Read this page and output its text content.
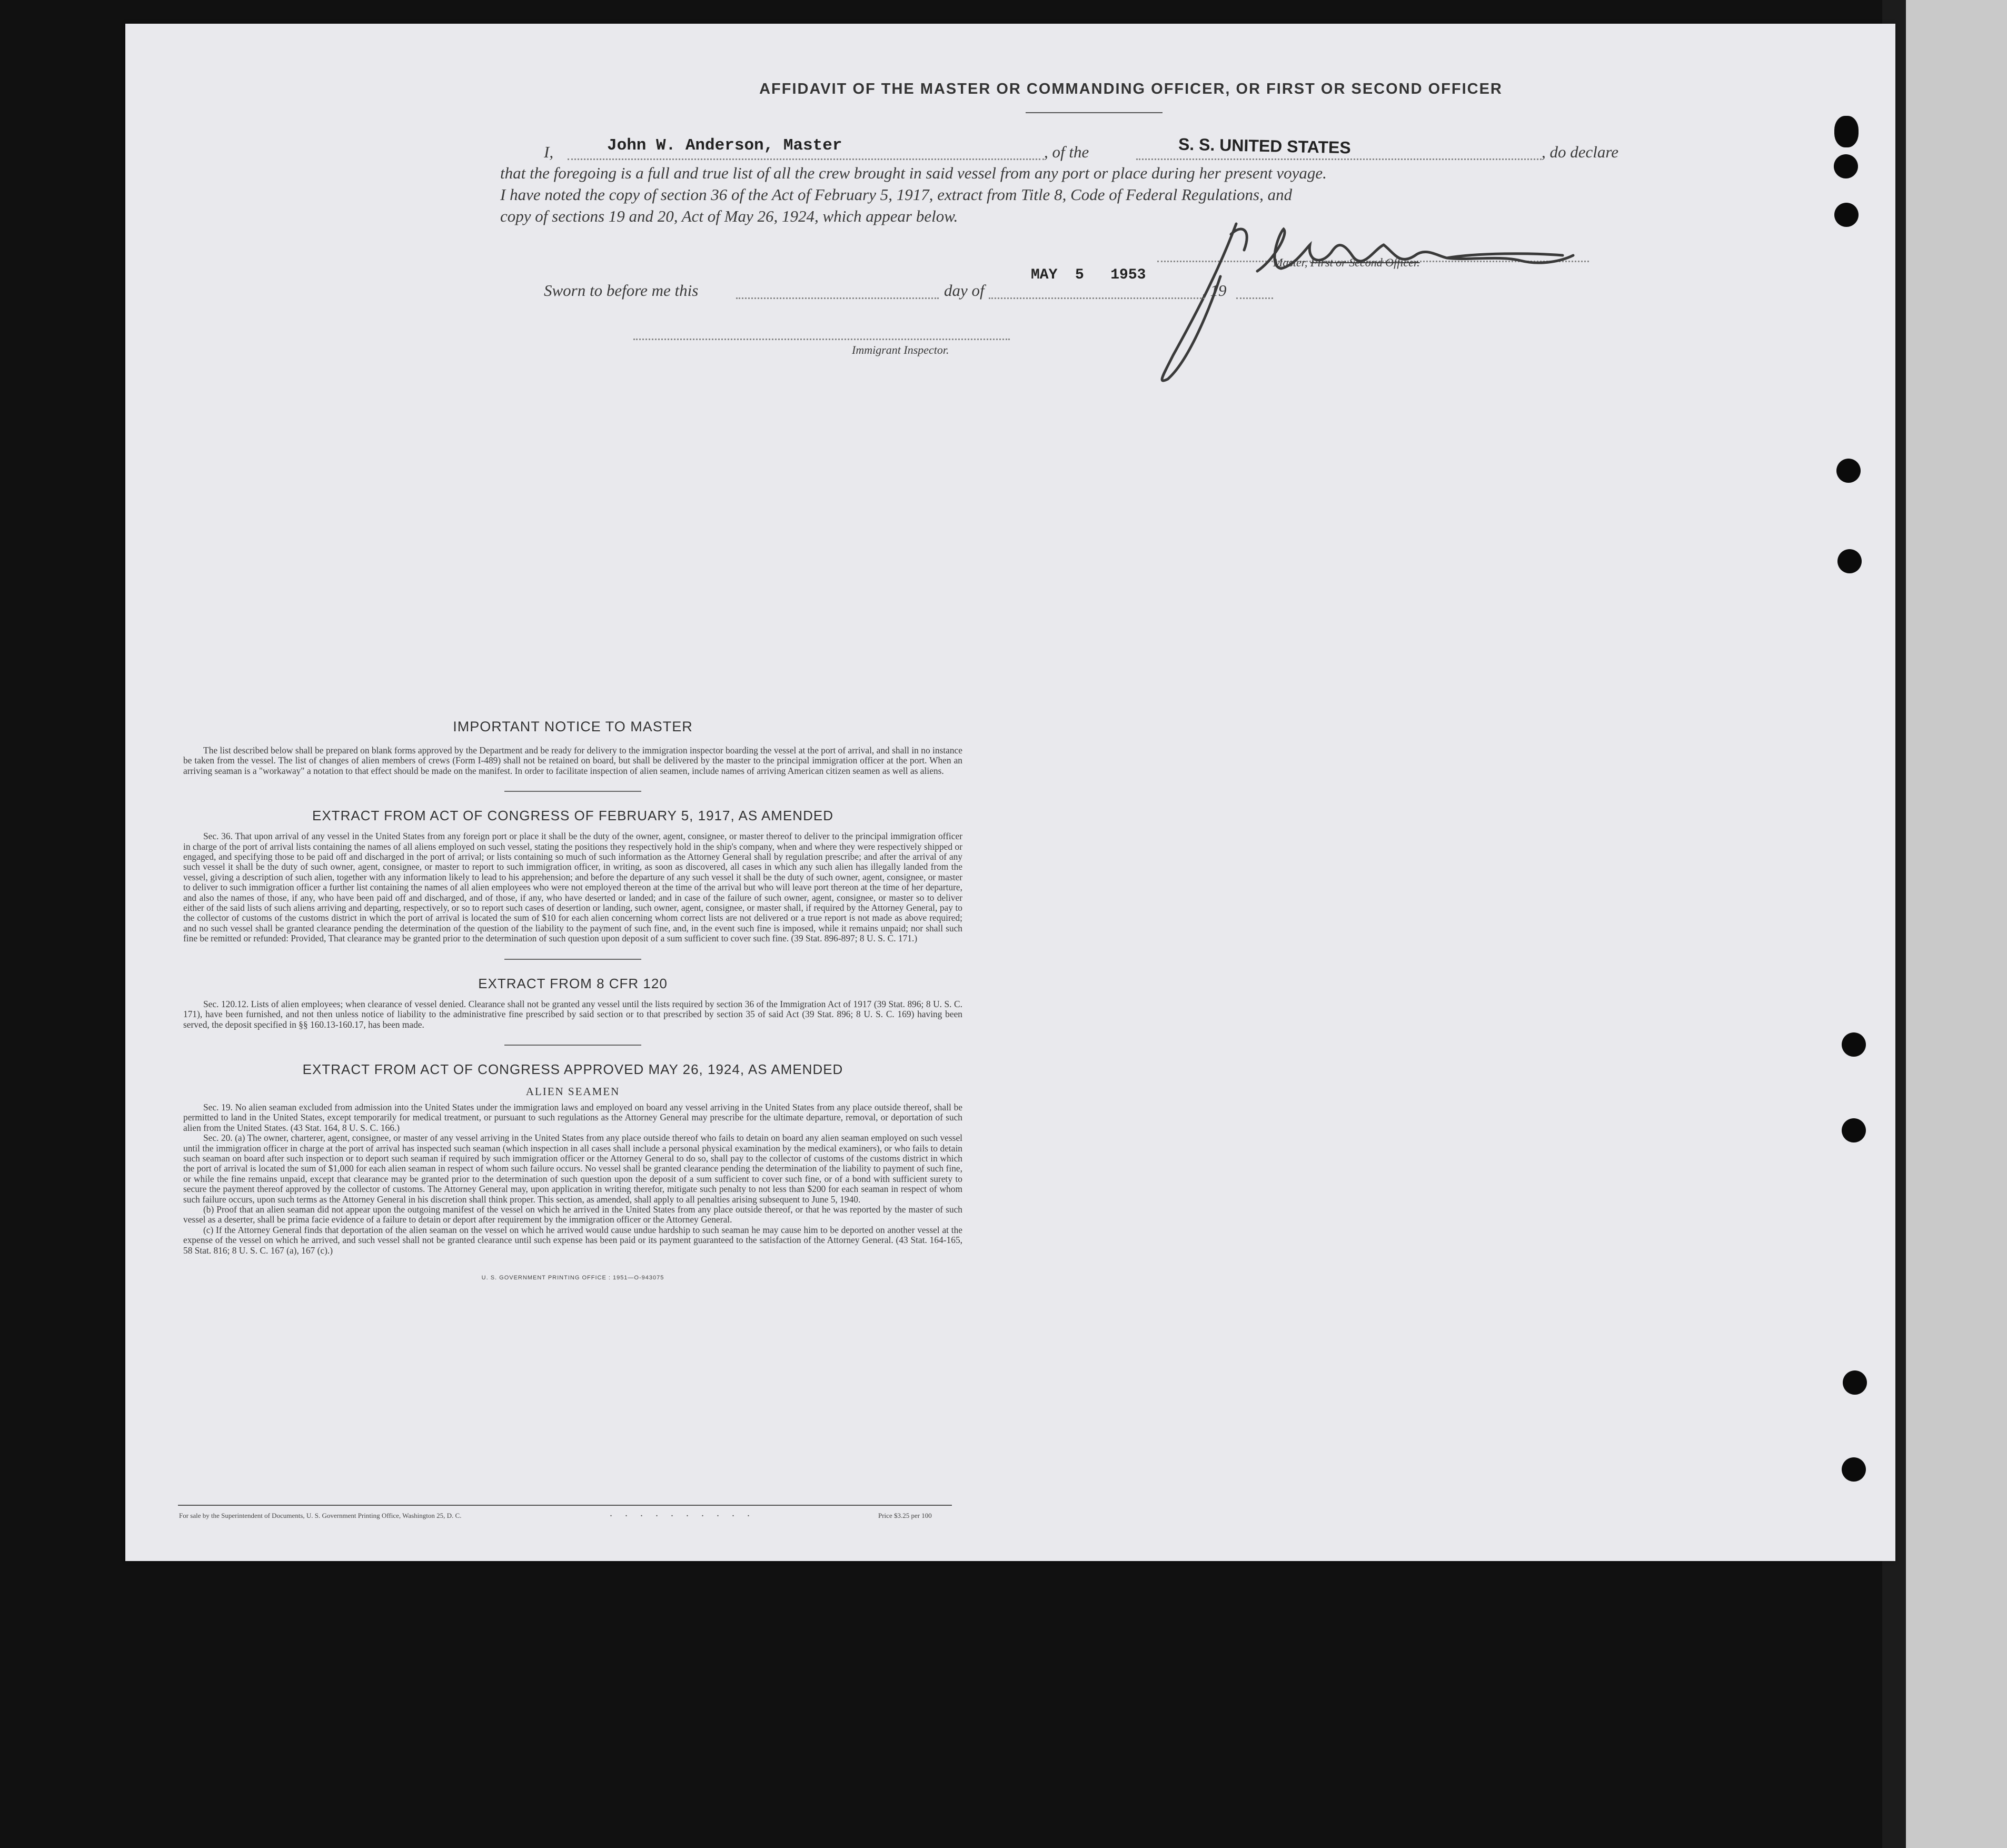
AFFIDAVIT OF THE MASTER OR COMMANDING OFFICER, OR FIRST OR SECOND OFFICER
I,	John W. Anderson, Master	, of the	S. S. UNITED STATES	, do declare
that the foregoing is a full and true list of all the crew brought in said vessel from any port or place during her present voyage.
I have noted the copy of section 36 of the Act of February 5, 1917, extract from Title 8, Code of Federal Regulations, and
copy of sections 19 and 20, Act of May 26, 1924, which appear below.
Master, First or Second Officer.
Sworn to before me this	day of
MAY  5   1953
, 19
Immigrant Inspector.
IMPORTANT NOTICE TO MASTER

The list described below shall be prepared on blank forms approved by the Department and be ready for delivery to the immigration inspector boarding the vessel at the port of arrival, and shall in no instance be taken from the vessel. The list of changes of alien members of crews (Form I-489) shall not be retained on board, but shall be delivered by the master to the principal immigration officer at the port. When an arriving seaman is a "workaway" a notation to that effect should be made on the manifest. In order to facilitate inspection of alien seamen, include names of arriving American citizen seamen as well as aliens.

EXTRACT FROM ACT OF CONGRESS OF FEBRUARY 5, 1917, AS AMENDED

Sec. 36. That upon arrival of any vessel in the United States from any foreign port or place it shall be the duty of the owner, agent, consignee, or master thereof to deliver to the principal immigration officer in charge of the port of arrival lists containing the names of all aliens employed on such vessel, stating the positions they respectively hold in the ship's company, when and where they were respectively shipped or engaged, and specifying those to be paid off and discharged in the port of arrival; or lists containing so much of such information as the Attorney General shall by regulation prescribe; and after the arrival of any such vessel it shall be the duty of such owner, agent, consignee, or master to report to such immigration officer, in writing, as soon as discovered, all cases in which any such alien has illegally landed from the vessel, giving a description of such alien, together with any information likely to lead to his apprehension; and before the departure of any such vessel it shall be the duty of such owner, agent, consignee, or master to deliver to such immigration officer a further list containing the names of all alien employees who were not employed thereon at the time of the arrival but who will leave port thereon at the time of her departure, and also the names of those, if any, who have been paid off and discharged, and of those, if any, who have deserted or landed; and in case of the failure of such owner, agent, consignee, or master so to deliver either of the said lists of such aliens arriving and departing, respectively, or so to report such cases of desertion or landing, such owner, agent, consignee, or master shall, if required by the Attorney General, pay to the collector of customs of the customs district in which the port of arrival is located the sum of $10 for each alien concerning whom correct lists are not delivered or a true report is not made as above required; and no such vessel shall be granted clearance pending the determination of the question of the liability to the payment of such fine, and, in the event such fine is imposed, while it remains unpaid; nor shall such fine be remitted or refunded: Provided, That clearance may be granted prior to the determination of such question upon deposit of a sum sufficient to cover such fine. (39 Stat. 896-897; 8 U. S. C. 171.)

EXTRACT FROM 8 CFR 120

Sec. 120.12. Lists of alien employees; when clearance of vessel denied. Clearance shall not be granted any vessel until the lists required by section 36 of the Immigration Act of 1917 (39 Stat. 896; 8 U. S. C. 171), have been furnished, and not then unless notice of liability to the administrative fine prescribed by said section or to that prescribed by section 35 of said Act (39 Stat. 896; 8 U. S. C. 169) having been served, the deposit specified in §§ 160.13-160.17, has been made.

EXTRACT FROM ACT OF CONGRESS APPROVED MAY 26, 1924, AS AMENDED
ALIEN SEAMEN

Sec. 19. No alien seaman excluded from admission into the United States under the immigration laws and employed on board any vessel arriving in the United States from any place outside thereof, shall be permitted to land in the United States, except temporarily for medical treatment, or pursuant to such regulations as the Attorney General may prescribe for the ultimate departure, removal, or deportation of such alien from the United States. (43 Stat. 164, 8 U. S. C. 166.)

Sec. 20. (a) The owner, charterer, agent, consignee, or master of any vessel arriving in the United States from any place outside thereof who fails to detain on board any alien seaman employed on such vessel until the immigration officer in charge at the port of arrival has inspected such seaman (which inspection in all cases shall include a personal physical examination by the medical examiners), or who fails to detain such seaman on board after such inspection or to deport such seaman if required by such immigration officer or the Attorney General to do so, shall pay to the collector of customs of the customs district in which the port of arrival is located the sum of $1,000 for each alien seaman in respect of whom such failure occurs. No vessel shall be granted clearance pending the determination of the liability to payment of such fine, or while the fine remains unpaid, except that clearance may be granted prior to the determination of such question upon the deposit of a sum sufficient to cover such fine, or of a bond with sufficient surety to secure the payment thereof approved by the collector of customs. The Attorney General may, upon application in writing therefor, mitigate such penalty to not less than $200 for each seaman in respect of whom such failure occurs, upon such terms as the Attorney General in his discretion shall think proper. This section, as amended, shall apply to all penalties arising subsequent to June 5, 1940.

(b) Proof that an alien seaman did not appear upon the outgoing manifest of the vessel on which he arrived in the United States from any place outside thereof, or that he was reported by the master of such vessel as a deserter, shall be prima facie evidence of a failure to detain or deport after requirement by the immigration officer or the Attorney General.

(c) If the Attorney General finds that deportation of the alien seaman on the vessel on which he arrived would cause undue hardship to such seaman he may cause him to be deported on another vessel at the expense of the vessel on which he arrived, and such vessel shall not be granted clearance until such expense has been paid or its payment guaranteed to the satisfaction of the Attorney General. (43 Stat. 164-165, 58 Stat. 816; 8 U. S. C. 167 (a), 167 (c).)

U. S. GOVERNMENT PRINTING OFFICE : 1951—O-943075
For sale by the Superintendent of Documents, U. S. Government Printing Office, Washington 25, D. C.	..........	Price $3.25 per 100
